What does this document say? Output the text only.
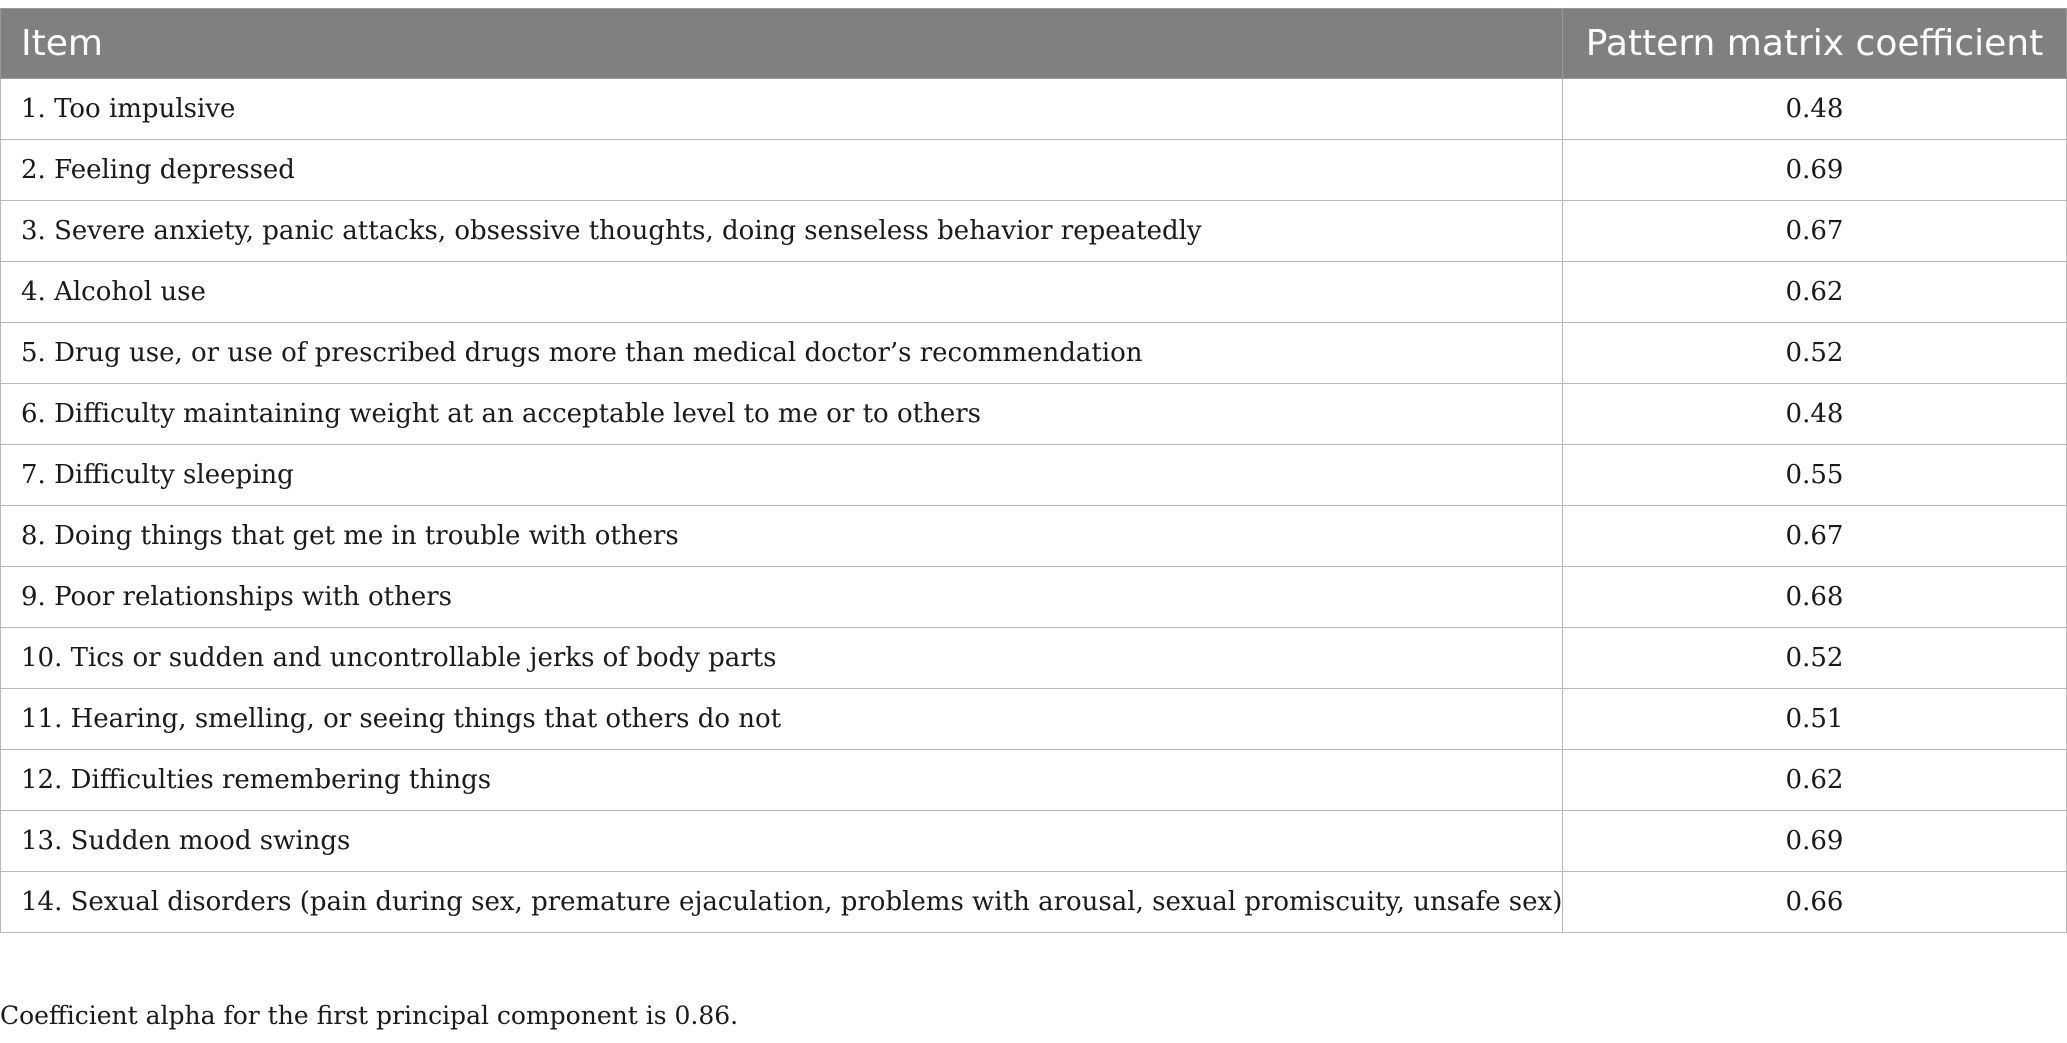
Item	Pattern matrix coefficient
1. Too impulsive	0.48
2. Feeling depressed	0.69
3. Severe anxiety, panic attacks, obsessive thoughts, doing senseless behavior repeatedly	0.67
4. Alcohol use	0.62
5. Drug use, or use of prescribed drugs more than medical doctor’s recommendation	0.52
6. Difficulty maintaining weight at an acceptable level to me or to others	0.48
7. Difficulty sleeping	0.55
8. Doing things that get me in trouble with others	0.67
9. Poor relationships with others	0.68
10. Tics or sudden and uncontrollable jerks of body parts	0.52
11. Hearing, smelling, or seeing things that others do not	0.51
12. Difficulties remembering things	0.62
13. Sudden mood swings	0.69
14. Sexual disorders (pain during sex, premature ejaculation, problems with arousal, sexual promiscuity, unsafe sex)	0.66
Coefficient alpha for the first principal component is 0.86.
